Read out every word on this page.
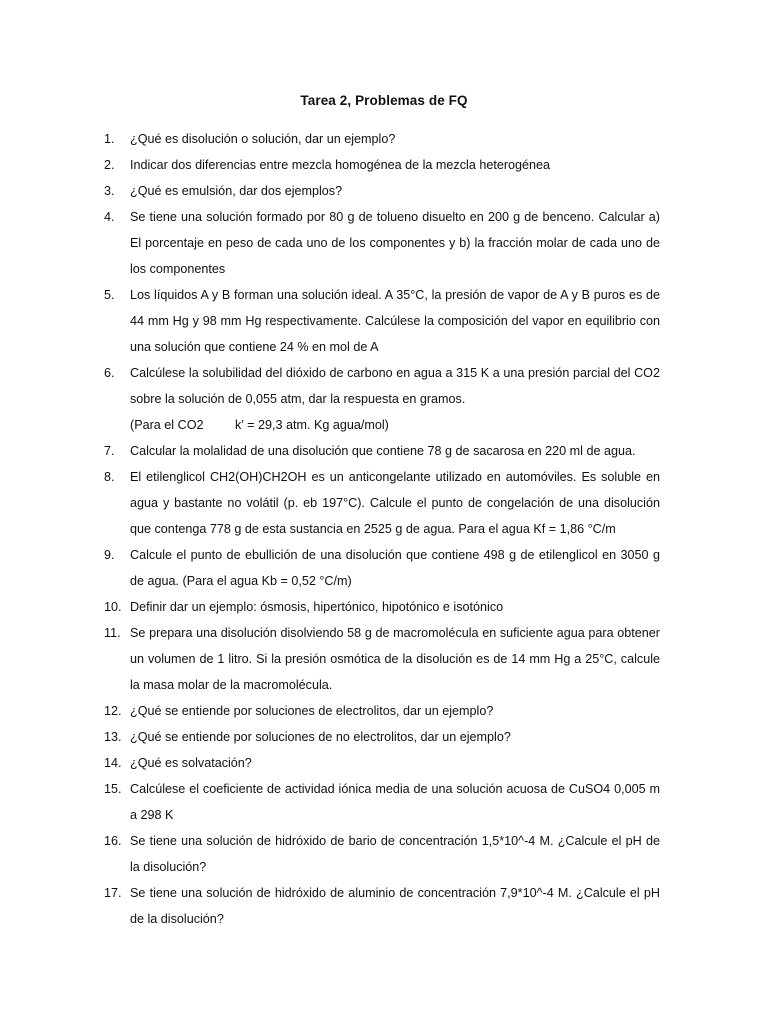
Tarea 2, Problemas de FQ
1.	¿Qué es disolución o solución, dar un ejemplo?
2.	Indicar dos diferencias entre mezcla homogénea de la mezcla heterogénea
3.	¿Qué es emulsión, dar dos ejemplos?
4.	Se tiene una solución formado por 80 g de tolueno disuelto en 200 g de benceno. Calcular a) El porcentaje en peso de cada uno de los componentes y b) la fracción molar de cada uno de los componentes
5.	Los líquidos A y B forman una solución ideal. A 35°C, la presión de vapor de A y B puros es de 44 mm Hg y 98 mm Hg respectivamente. Calcúlese la composición del vapor en equilibrio con una solución que contiene 24 % en mol de A
6.	Calcúlese la solubilidad del dióxido de carbono en agua a 315 K a una presión parcial del CO2 sobre la solución de 0,055 atm, dar la respuesta en gramos.
(Para el CO2         k’ = 29,3 atm. Kg agua/mol)
7.	Calcular la molalidad de una disolución que contiene 78 g de sacarosa en 220 ml de agua.
8.	El etilenglicol CH2(OH)CH2OH es un anticongelante utilizado en automóviles. Es soluble en agua y bastante no volátil (p. eb 197°C). Calcule el punto de congelación de una disolución que contenga 778 g de esta sustancia en 2525 g de agua. Para el agua Kf = 1,86 °C/m
9.	Calcule el punto de ebullición de una disolución que contiene 498 g de etilenglicol en 3050 g de agua. (Para el agua Kb = 0,52 °C/m)
10. Definir dar un ejemplo: ósmosis, hipertónico, hipotónico e isotónico
11. Se prepara una disolución disolviendo 58 g de macromolécula en suficiente agua para obtener un volumen de 1 litro. Si la presión osmótica de la disolución es de 14 mm Hg a 25°C, calcule la masa molar de la macromolécula.
12. ¿Qué se entiende por soluciones de electrolitos, dar un ejemplo?
13. ¿Qué se entiende por soluciones de no electrolitos, dar un ejemplo?
14. ¿Qué es solvatación?
15. Calcúlese el coeficiente de actividad iónica media de una solución acuosa de CuSO4 0,005 m a 298 K
16. Se tiene una solución de hidróxido de bario de concentración 1,5*10^-4 M. ¿Calcule el pH de la disolución?
17. Se tiene una solución de hidróxido de aluminio de concentración 7,9*10^-4 M. ¿Calcule el pH de la disolución?
